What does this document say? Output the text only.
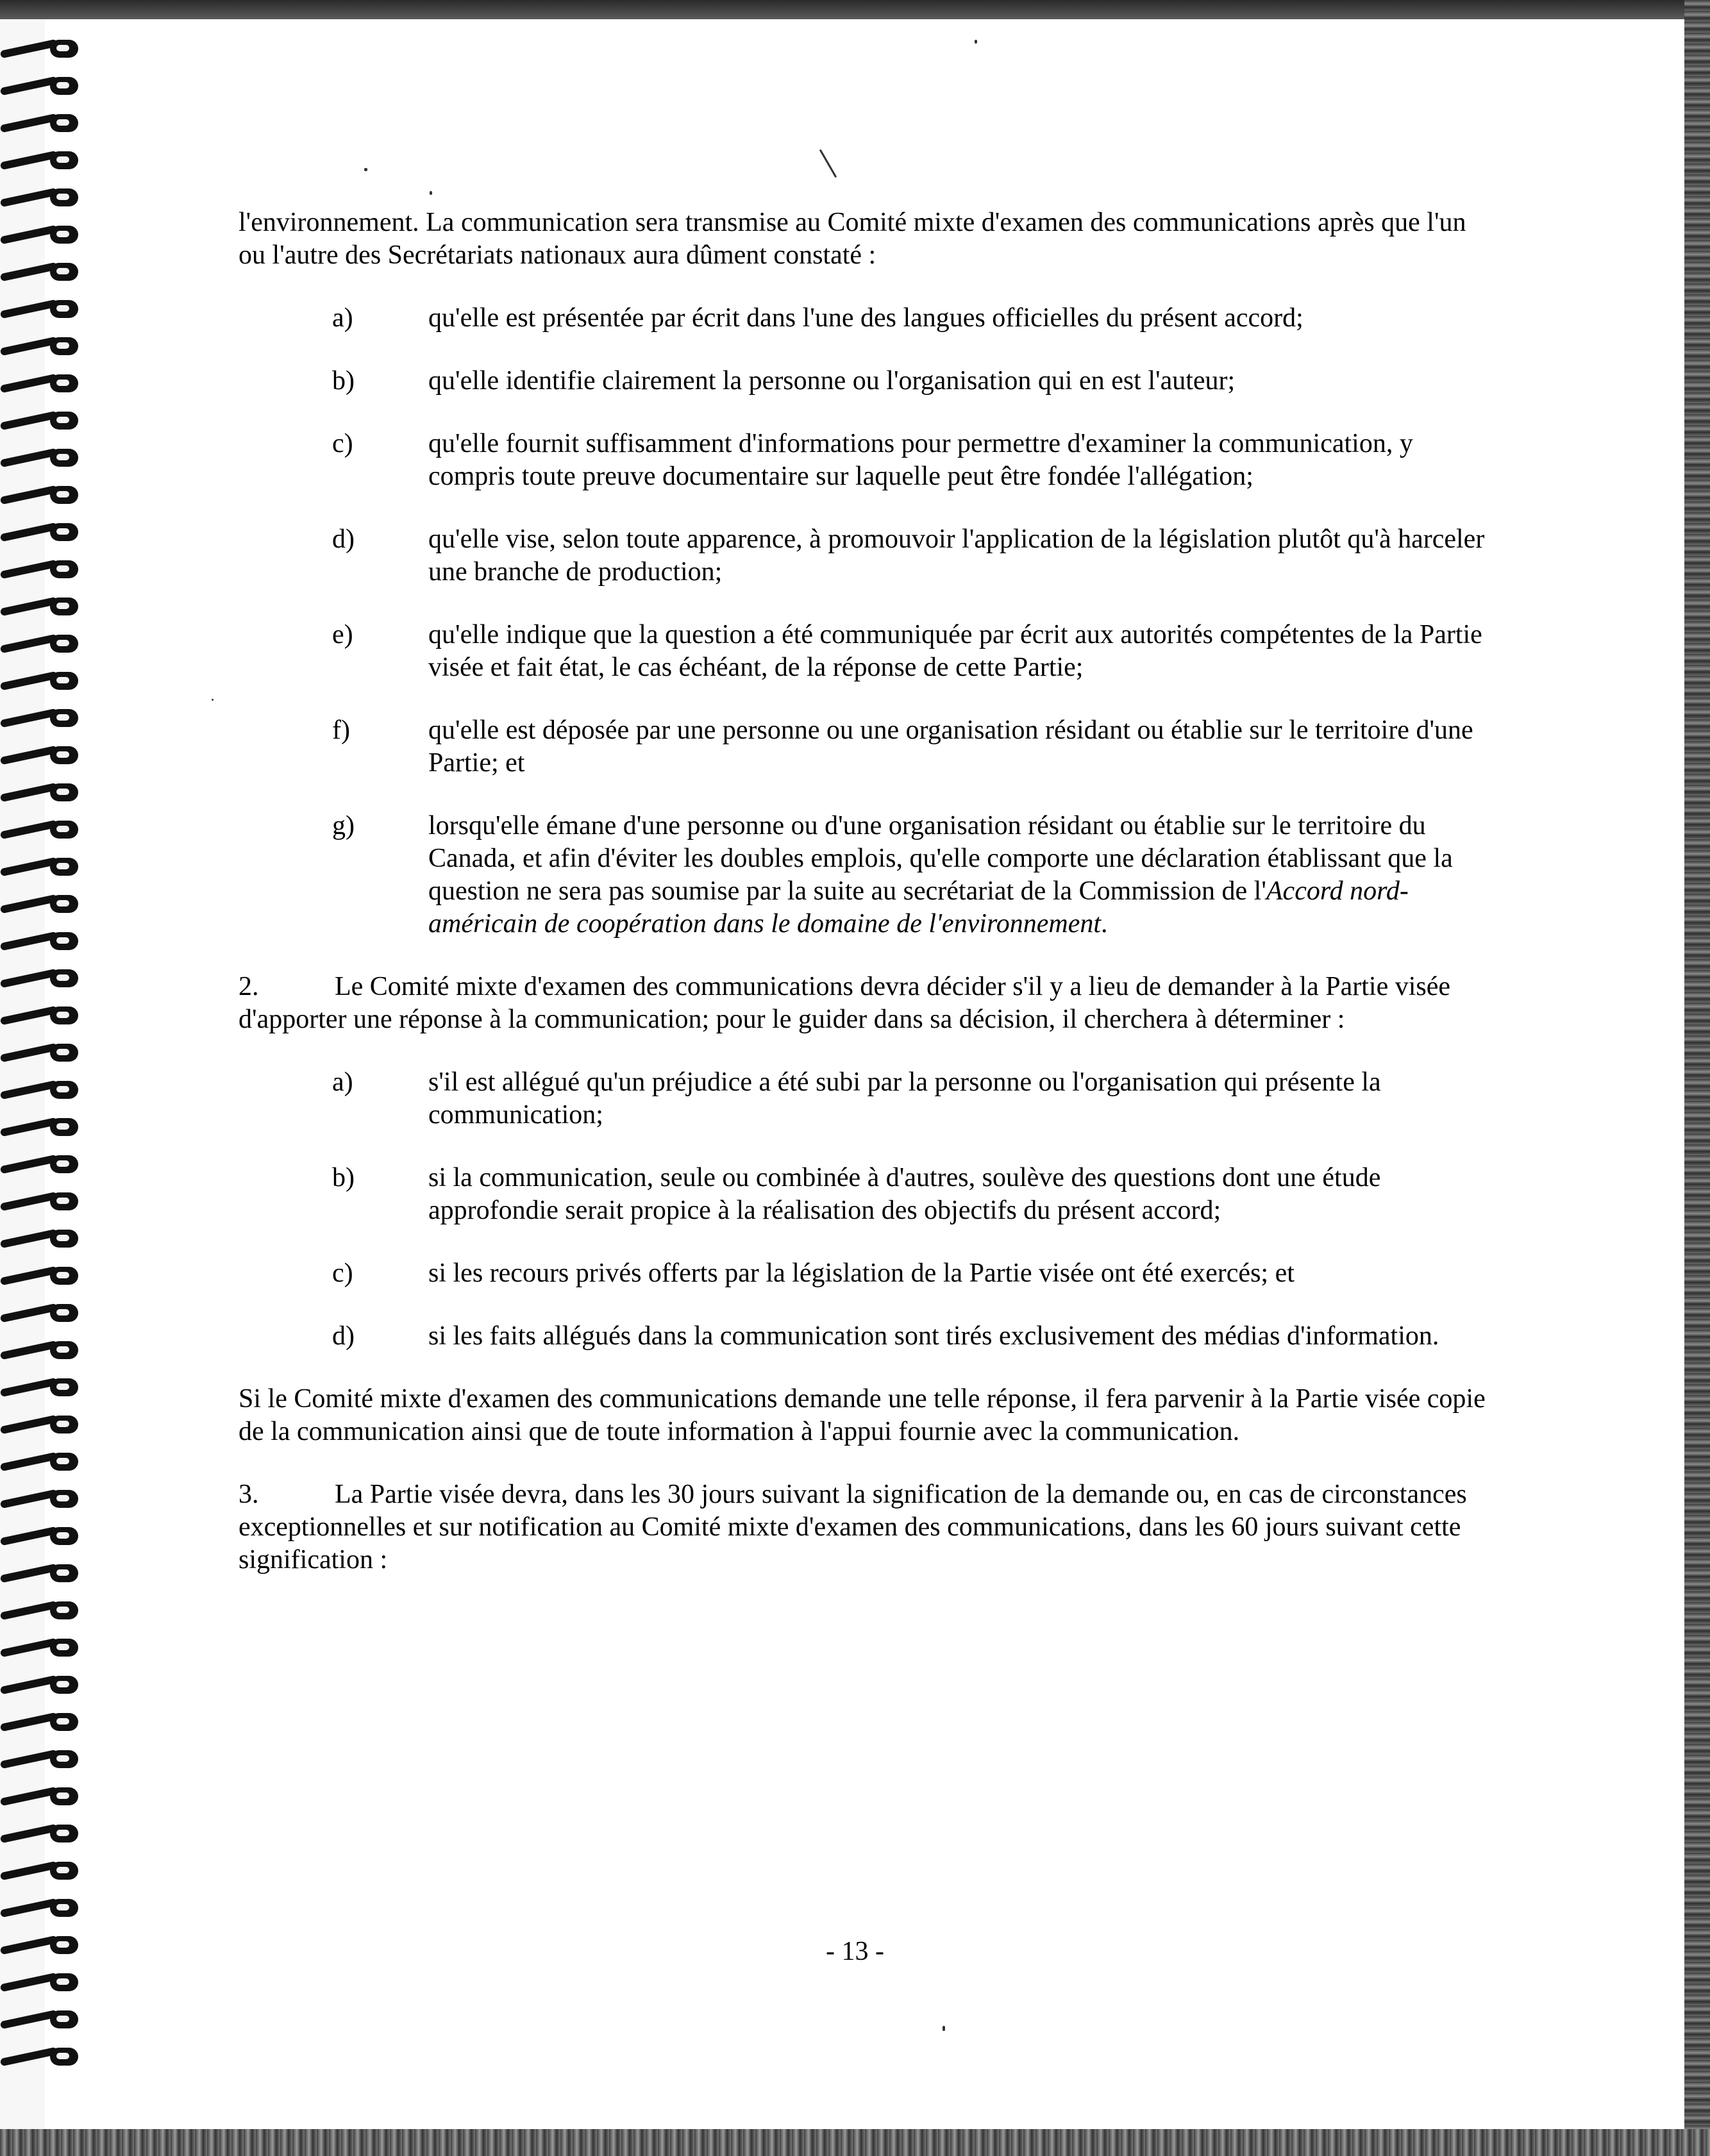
l'environnement. La communication sera transmise au Comité mixte d'examen des communications après que l'un ou l'autre des Secrétariats nationaux aura dûment constaté :

a)	qu'elle est présentée par écrit dans l'une des langues officielles du présent accord;
b)	qu'elle identifie clairement la personne ou l'organisation qui en est l'auteur;
c)	qu'elle fournit suffisamment d'informations pour permettre d'examiner la communication, y compris toute preuve documentaire sur laquelle peut être fondée l'allégation;
d)	qu'elle vise, selon toute apparence, à promouvoir l'application de la législation plutôt qu'à harceler une branche de production;
e)	qu'elle indique que la question a été communiquée par écrit aux autorités compétentes de la Partie visée et fait état, le cas échéant, de la réponse de cette Partie;
f)	qu'elle est déposée par une personne ou une organisation résidant ou établie sur le territoire d'une Partie; et
g)	lorsqu'elle émane d'une personne ou d'une organisation résidant ou établie sur le territoire du Canada, et afin d'éviter les doubles emplois, qu'elle comporte une déclaration établissant que la question ne sera pas soumise par la suite au secrétariat de la Commission de l'Accord nord-américain de coopération dans le domaine de l'environnement.

2.	Le Comité mixte d'examen des communications devra décider s'il y a lieu de demander à la Partie visée d'apporter une réponse à la communication; pour le guider dans sa décision, il cherchera à déterminer :

a)	s'il est allégué qu'un préjudice a été subi par la personne ou l'organisation qui présente la communication;
b)	si la communication, seule ou combinée à d'autres, soulève des questions dont une étude approfondie serait propice à la réalisation des objectifs du présent accord;
c)	si les recours privés offerts par la législation de la Partie visée ont été exercés; et
d)	si les faits allégués dans la communication sont tirés exclusivement des médias d'information.

Si le Comité mixte d'examen des communications demande une telle réponse, il fera parvenir à la Partie visée copie de la communication ainsi que de toute information à l'appui fournie avec la communication.

3.	La Partie visée devra, dans les 30 jours suivant la signification de la demande ou, en cas de circonstances exceptionnelles et sur notification au Comité mixte d'examen des communications, dans les 60 jours suivant cette signification :

- 13 -
